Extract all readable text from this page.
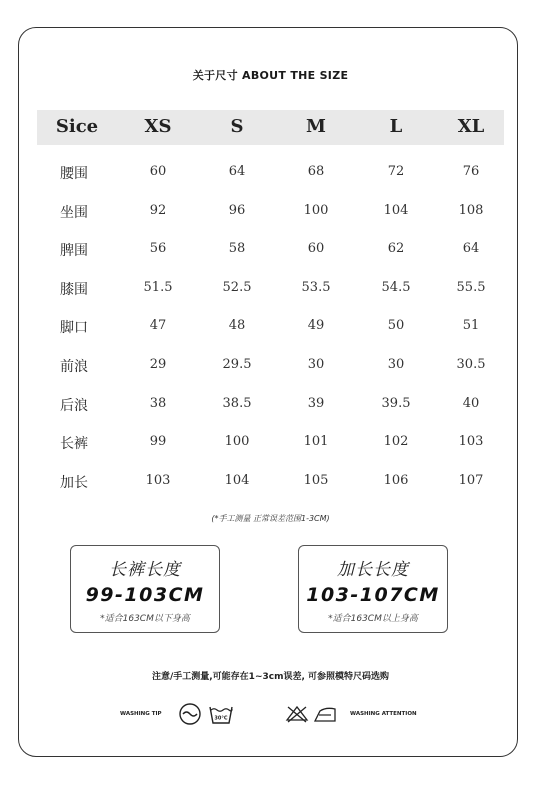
关于尺寸 ABOUT THE SIZE
Sice	XS	S	M	L	XL
腰围	60	64	68	72	76
坐围	92	96	100	104	108
脾围	56	58	60	62	64
膝围	51.5	52.5	53.5	54.5	55.5
脚口	47	48	49	50	51
前浪	29	29.5	30	30	30.5
后浪	38	38.5	39	39.5	40
长裤	99	100	101	102	103
加长	103	104	105	106	107
(*手工测量 正常误差范围1-3CM)
长裤长度
99-103CM
*适合163CM以下身高
加长长度
103-107CM
*适合163CM以上身高
注意/手工测量,可能存在1~3cm误差, 可参照模特尺码选购
WASHING TIP
30°C
WASHING ATTENTION
